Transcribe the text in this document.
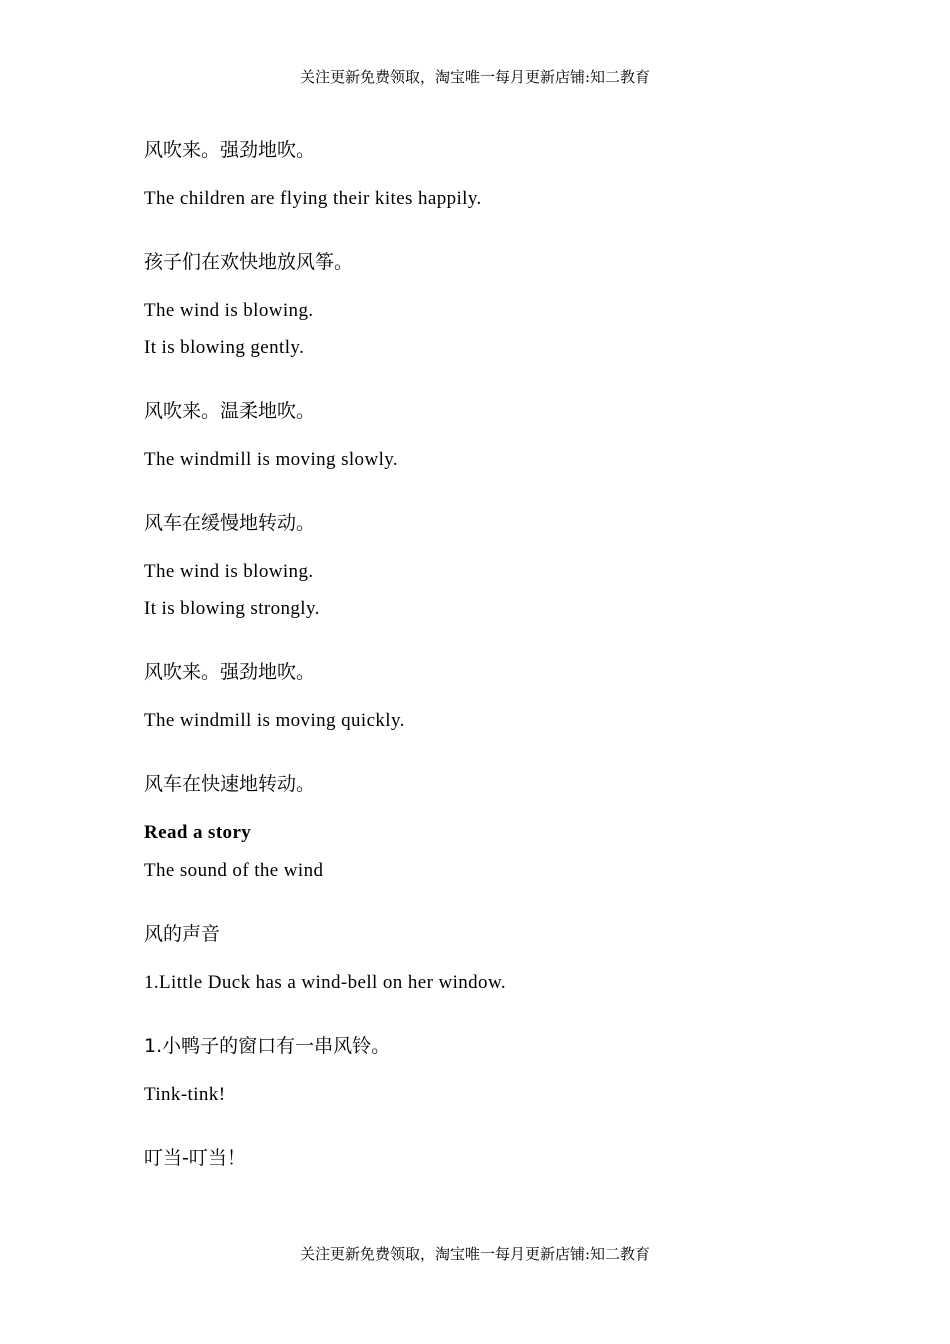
关注更新免费领取，淘宝唯一每月更新店铺:知二教育
风吹来。强劲地吹。
The children are flying their kites happily.
孩子们在欢快地放风筝。
The wind is blowing.
It is blowing gently.
风吹来。温柔地吹。
The windmill is moving slowly.
风车在缓慢地转动。
The wind is blowing.
It is blowing strongly.
风吹来。强劲地吹。
The windmill is moving quickly.
风车在快速地转动。
Read a story
The sound of the wind
风的声音
1.Little Duck has a wind-bell on her window.
1.小鸭子的窗口有一串风铃。
Tink-tink!
叮当-叮当！
关注更新免费领取，淘宝唯一每月更新店铺:知二教育
